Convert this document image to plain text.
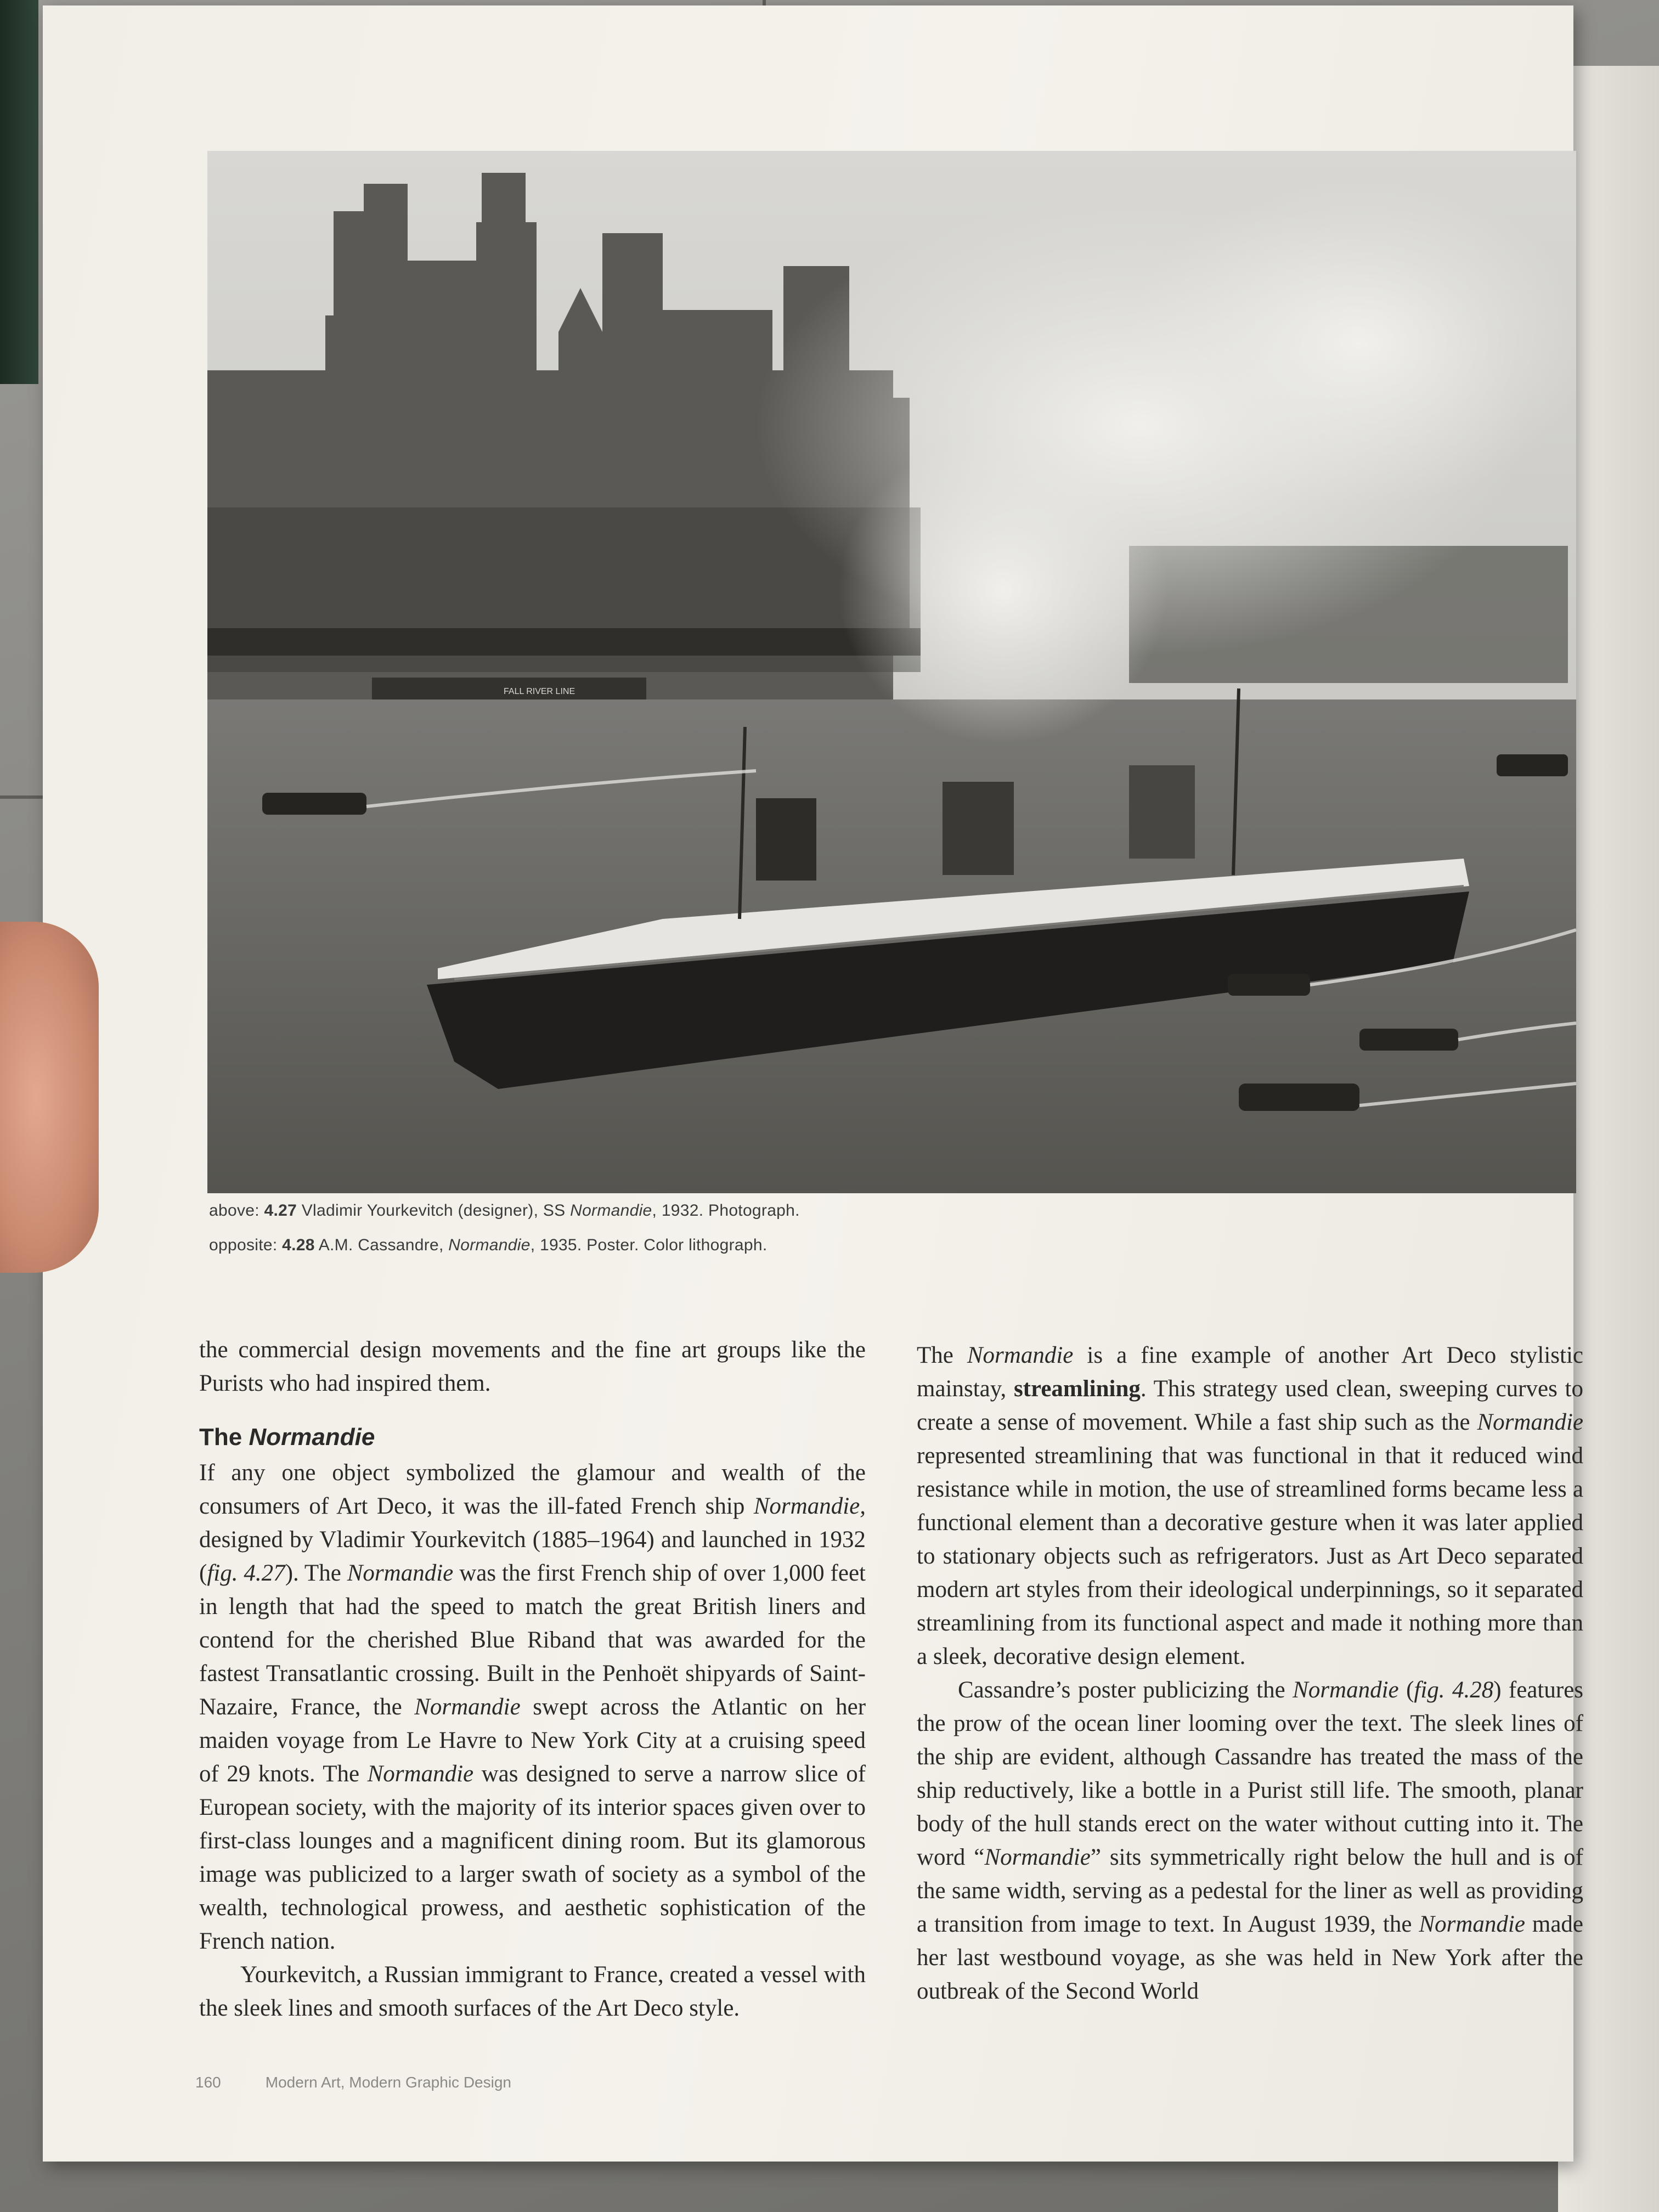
FALL RIVER LINE
above: 4.27 Vladimir Yourkevitch (designer), SS Normandie, 1932. Photograph.
opposite: 4.28 A.M. Cassandre, Normandie, 1935. Poster. Color lithograph.

the commercial design movements and the fine art groups like the Purists who had inspired them.

The Normandie

If any one object symbolized the glamour and wealth of the consumers of Art Deco, it was the ill-fated French ship Normandie, designed by Vladimir Yourkevitch (1885–1964) and launched in 1932 (fig. 4.27). The Normandie was the first French ship of over 1,000 feet in length that had the speed to match the great British liners and contend for the cherished Blue Riband that was awarded for the fastest Transatlantic crossing. Built in the Penhoët shipyards of Saint-Nazaire, France, the Normandie swept across the Atlantic on her maiden voyage from Le Havre to New York City at a cruising speed of 29 knots. The Normandie was designed to serve a narrow slice of European society, with the majority of its interior spaces given over to first-class lounges and a magnificent dining room. But its glamorous image was publicized to a larger swath of society as a symbol of the wealth, technological prowess, and aesthetic sophistication of the French nation.

Yourkevitch, a Russian immigrant to France, created a vessel with the sleek lines and smooth surfaces of the Art Deco style.

The Normandie is a fine example of another Art Deco stylistic mainstay, streamlining. This strategy used clean, sweeping curves to create a sense of movement. While a fast ship such as the Normandie represented streamlining that was functional in that it reduced wind resistance while in motion, the use of streamlined forms became less a functional element than a decorative gesture when it was later applied to stationary objects such as refrigerators. Just as Art Deco separated modern art styles from their ideological underpinnings, so it separated streamlining from its functional aspect and made it nothing more than a sleek, decorative design element.

Cassandre’s poster publicizing the Normandie (fig. 4.28) features the prow of the ocean liner looming over the text. The sleek lines of the ship are evident, although Cassandre has treated the mass of the ship reductively, like a bottle in a Purist still life. The smooth, planar body of the hull stands erect on the water without cutting into it. The word “Normandie” sits symmetrically right below the hull and is of the same width, serving as a pedestal for the liner as well as providing a transition from image to text. In August 1939, the Normandie made her last westbound voyage, as she was held in New York after the outbreak of the Second World

160	Modern Art, Modern Graphic Design
